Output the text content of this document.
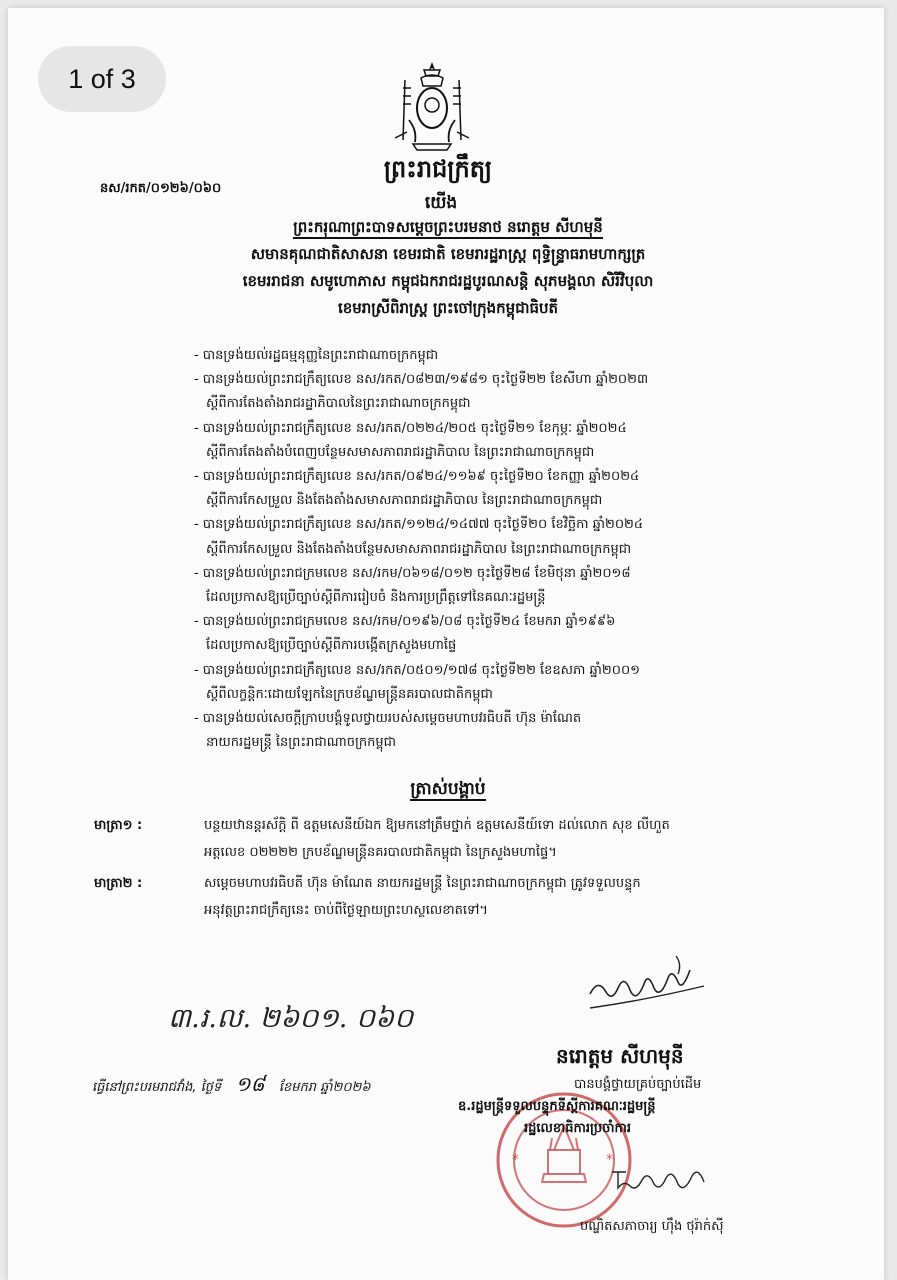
1 of 3
ព្រះរាជក្រឹត្យ
នស/រកត/០១២៦/០៦០
យើង
ព្រះករុណាព្រះបាទសម្តេចព្រះបរមនាថ នរោត្តម សីហមុនី
សមានគុណជាតិសាសនា ខេមរជាតិ ខេមរារដ្ឋរាស្ត្រ ពុទ្ធិន្ទ្រាធរាមហាក្សត្រ
ខេមររាជនា សមូហោភាស កម្ពុជឯករាជរដ្ឋបូរណសន្តិ សុភមង្គលា សិរីវិបុលា
ខេមរាស្រីពិរាស្ត្រ ព្រះចៅក្រុងកម្ពុជាធិបតី
- បានទ្រង់យល់រដ្ឋធម្មនុញ្ញនៃព្រះរាជាណាចក្រកម្ពុជា
- បានទ្រង់យល់ព្រះរាជក្រឹត្យលេខ នស/រកត/០៨២៣/១៩៨១ ចុះថ្ងៃទី២២ ខែសីហា ឆ្នាំ២០២៣
ស្តីពីការតែងតាំងរាជរដ្ឋាភិបាលនៃព្រះរាជាណាចក្រកម្ពុជា
- បានទ្រង់យល់ព្រះរាជក្រឹត្យលេខ នស/រកត/០២២៤/២០៥ ចុះថ្ងៃទី២១ ខែកុម្ភៈ ឆ្នាំ២០២៤
ស្តីពីការតែងតាំងបំពេញបន្ថែមសមាសភាពរាជរដ្ឋាភិបាល នៃព្រះរាជាណាចក្រកម្ពុជា
- បានទ្រង់យល់ព្រះរាជក្រឹត្យលេខ នស/រកត/០៩២៤/១១៦៩ ចុះថ្ងៃទី២០ ខែកញ្ញា ឆ្នាំ២០២៤
ស្តីពីការកែសម្រួល និងតែងតាំងសមាសភាពរាជរដ្ឋាភិបាល នៃព្រះរាជាណាចក្រកម្ពុជា
- បានទ្រង់យល់ព្រះរាជក្រឹត្យលេខ នស/រកត/១១២៤/១៤៧៧ ចុះថ្ងៃទី២០ ខែវិច្ឆិកា ឆ្នាំ២០២៤
ស្តីពីការកែសម្រួល និងតែងតាំងបន្ថែមសមាសភាពរាជរដ្ឋាភិបាល នៃព្រះរាជាណាចក្រកម្ពុជា
- បានទ្រង់យល់ព្រះរាជក្រមលេខ នស/រកម/០៦១៨/០១២ ចុះថ្ងៃទី២៨ ខែមិថុនា ឆ្នាំ២០១៨
ដែលប្រកាសឱ្យប្រើច្បាប់ស្តីពីការរៀបចំ និងការប្រព្រឹត្តទៅនៃគណៈរដ្ឋមន្ត្រី
- បានទ្រង់យល់ព្រះរាជក្រមលេខ នស/រកម/០១៩៦/០៨ ចុះថ្ងៃទី២៤ ខែមករា ឆ្នាំ១៩៩៦
ដែលប្រកាសឱ្យប្រើច្បាប់ស្តីពីការបង្កើតក្រសួងមហាផ្ទៃ
- បានទ្រង់យល់ព្រះរាជក្រឹត្យលេខ នស/រកត/០៥០១/១៧៨ ចុះថ្ងៃទី២២ ខែឧសភា ឆ្នាំ២០០១
ស្តីពីលក្ខន្តិកៈដោយឡែកនៃក្របខ័ណ្ឌមន្ត្រីនគរបាលជាតិកម្ពុជា
- បានទ្រង់យល់សេចក្តីក្រាបបង្គំទូលថ្វាយរបស់សម្តេចមហាបវរធិបតី ហ៊ុន ម៉ាណែត
នាយករដ្ឋមន្ត្រី នៃព្រះរាជាណាចក្រកម្ពុជា
ត្រាស់បង្គាប់
មាត្រា១ :	បន្ថយឋានន្តរស័ក្តិ ពី ឧត្តមសេនីយ៍ឯក ឱ្យមកនៅត្រឹមថ្នាក់ ឧត្តមសេនីយ៍ទោ ដល់លោក សុខ លីហួត
អត្តលេខ ០២២២២ ក្របខ័ណ្ឌមន្ត្រីនគរបាលជាតិកម្ពុជា នៃក្រសួងមហាផ្ទៃ។
មាត្រា២ :	សម្តេចមហាបវរធិបតី ហ៊ុន ម៉ាណែត នាយករដ្ឋមន្ត្រី នៃព្រះរាជាណាចក្រកម្ពុជា ត្រូវទទួលបន្ទុក
អនុវត្តព្រះរាជក្រឹត្យនេះ ចាប់ពីថ្ងៃឡាយព្រះហស្ថលេខាតទៅ។
៣.រ.ល. ២៦០១. ០៦០
ធ្វើនៅព្រះបរមរាជវាំង, ថ្ងៃទី ១៨ ខែមករា ឆ្នាំ២០២៦
នរោត្តម សីហមុនី
*	*
បានបង្គំថ្វាយគ្រប់ច្បាប់ដើម
ឧ.រដ្ឋមន្ត្រីទទួលបន្ទុកទីស្តីការគណៈរដ្ឋមន្ត្រី
រដ្ឋលេខាធិការប្រចាំការ
បណ្ឌិតសភាចារ្យ ហ៊ឹង ថុរ៉ាក់ស៊ី
